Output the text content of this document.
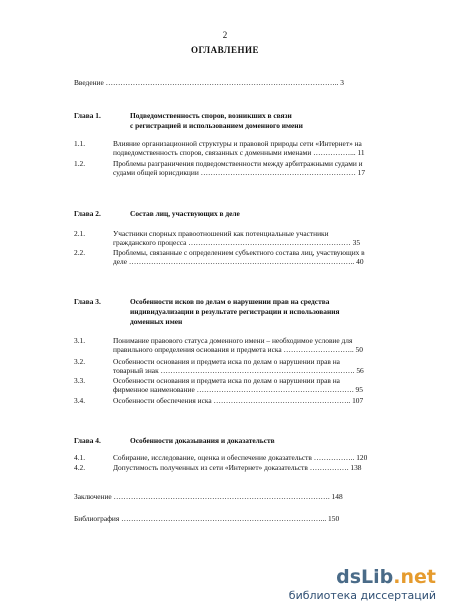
2
ОГЛАВЛЕНИЕ
Введение ………………………………………………………………………………….. 3
Глава 1.	Подведомственность споров, возникших в связи
с регистрацией и использованием доменного имени
1.1.	Влияние организационной структуры и правовой природы сети «Интернет» на
подведомственность споров, связанных с доменными именами ……………... 11
1.2.	Проблемы разграничения подведомственности между арбитражными судами и
судами общей юрисдикции ……………………………………………………… 17
Глава 2.	Состав лиц, участвующих в деле
2.1.	Участники спорных правоотношений как потенциальные участники
гражданского процесса ………………………………………………………… 35
2.2.	Проблемы, связанные с определением субъектного состава лиц, участвующих в
деле ……………………………………………………………………………….. 40
Глава 3.	Особенности исков по делам о нарушении прав на средства
индивидуализации в результате регистрации и использования
доменных имен
3.1.	Понимание правового статуса доменного имени – необходимое условие для
правильного определения основания и предмета иска ……………………….. 50
3.2.	Особенности основания и предмета иска по делам о нарушении прав на
товарный знак ……………………………………………………………………. 56
3.3.	Особенности основания и предмета иска по делам о нарушении прав на
фирменное наименование ………………………………………………………. 95
3.4.	Особенности обеспечения иска ……………………………………………….. 107
Глава 4.	Особенности доказывания и доказательств
4.1.	Собирание, исследование, оценка и обеспечение доказательств …………….. 120
4.2.	Допустимость полученных из сети «Интернет» доказательств ……………. 138
Заключение ……………………………………………………………………………. 148
Библиография ………………………………………………………………………... 150
dsLib.net
библиотека диссертаций
